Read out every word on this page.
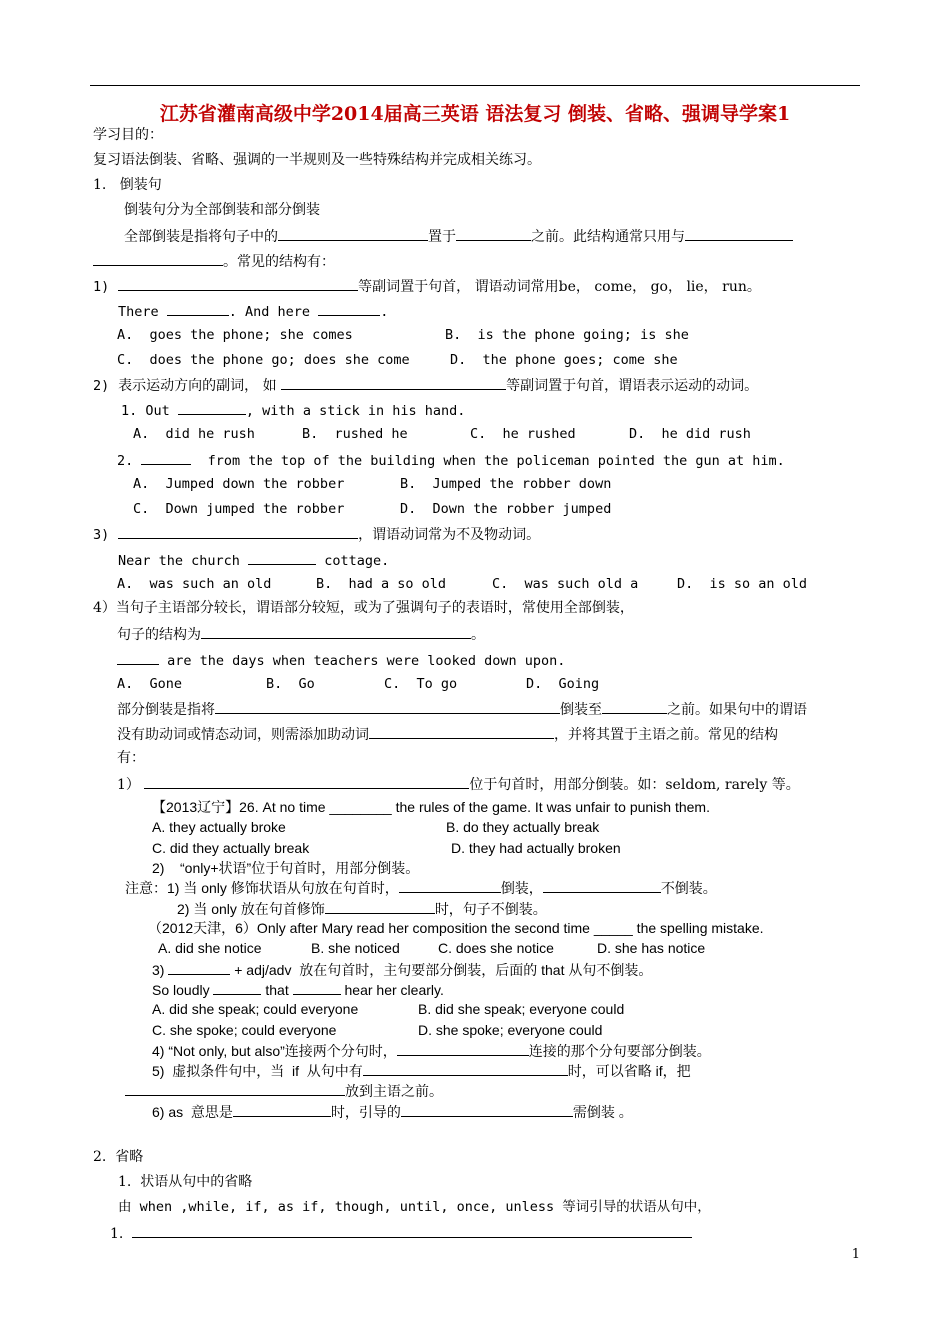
江苏省灌南高级中学2014届高三英语 语法复习 倒装、省略、强调导学案1
学习目的：
复习语法倒装、省略、强调的一半规则及一些特殊结构并完成相关练习。
1. 倒装句
倒装句分为全部倒装和部分倒装
全部倒装是指将句子中的	置于	之前。此结构通常只用与
。常见的结构有：
1)	等副词置于句首， 谓语动词常用be， come， go， lie， run。
There	. And here	.
A.  goes the phone; she comes	B.  is the phone going; is she
C.  does the phone go; does she come	D.  the phone goes; come she
2) 表示运动方向的副词， 如	等副词置于句首，谓语表示运动的动词。
1. Out	, with a stick in his hand.
A.  did he rush	B.  rushed he	C.  he rushed	D.  he did rush
2.	from the top of the building when the policeman pointed the gun at him.
A.  Jumped down the robber	B.  Jumped the robber down
C.  Down jumped the robber	D.  Down the robber jumped
3)	，谓语动词常为不及物动词。
Near the church	cottage.
A.  was such an old	B.  had a so old	C.  was such old a	D.  is so an old
4）当句子主语部分较长，谓语部分较短，或为了强调句子的表语时，常使用全部倒装，
句子的结构为	。
are the days when teachers were looked down upon.
A.  Gone	B.  Go	C.  To go	D.  Going
部分倒装是指将	倒装至	之前。如果句中的谓语
没有助动词或情态动词，则需添加助动词	，并将其置于主语之前。常见的结构
有：
1）	位于句首时，用部分倒装。如：seldom, rarely 等。
【2013辽宁】26. At no time ________ the rules of the game. It was unfair to punish them.
A. they actually broke	B. do they actually break
C. did they actually break	D. they had actually broken
2)    “only+状语”位于句首时，用部分倒装。
注意：1) 当 only 修饰状语从句放在句首时，	倒装，	不倒装。
2) 当 only 放在句首修饰	时，句子不倒装。
（2012天津，6）Only after Mary read her composition the second time _____ the spelling mistake.
A. did she notice	B. she noticed	C. does she notice	D. she has notice
3)	+ adj/adv  放在句首时，主句要部分倒装，后面的 that 从句不倒装。
So loudly	that	hear her clearly.
A. did she speak; could everyone	B. did she speak; everyone could
C. she spoke; could everyone	D. she spoke; everyone could
4) “Not only, but also”连接两个分句时，	连接的那个分句要部分倒装。
5)  虚拟条件句中，当  if  从句中有	时，可以省略 if，把
放到主语之前。
6) as  意思是	时，引导的	需倒装 。
2. 省略
1.  状语从句中的省略
由 when ,while, if, as if, though, until, once, unless 等词引导的状语从句中，
1.
1
